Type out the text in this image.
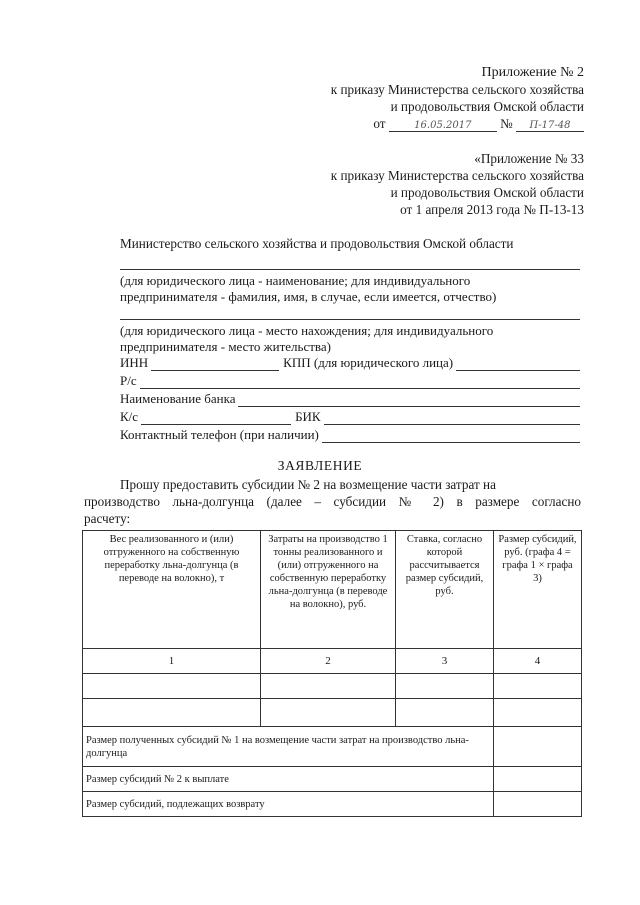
Приложение № 2
к приказу Министерства сельского хозяйства
и продовольствия Омской области
от	16.05.2017 № П-17-48
«Приложение № 33
к приказу Министерства сельского хозяйства
и продовольствия Омской области
от 1 апреля 2013 года № П-13-13
Министерство сельского хозяйства и продовольствия Омской области
(для юридического лица - наименование; для индивидуального
предпринимателя - фамилия, имя, в случае, если имеется, отчество)
(для юридического лица - место нахождения; для индивидуального
предпринимателя - место жительства)
ИНН	КПП (для юридического лица)
Р/с
Наименование банка
К/с	БИК
Контактный телефон (при наличии)
ЗАЯВЛЕНИЕ
Прошу предоставить субсидии № 2 на возмещение части затрат на
производство льна-долгунца (далее – субсидии № 2) в размере согласно
расчету:
Вес реализованного и (или) отгруженного на собственную переработку льна-долгунца (в переводе на волокно), т	Затраты на производство 1 тонны реализованного и (или) отгруженного на собственную переработку льна-долгунца (в переводе на волокно), руб.	Ставка, согласно которой рассчитывается размер субсидий, руб.	Размер субсидий, руб. (графа 4 = графа 1 × графа 3)
1	2	3	4

Размер полученных субсидий № 1 на возмещение части затрат на производство льна-долгунца			
Размер субсидий № 2 к выплате			
Размер субсидий, подлежащих возврату			
